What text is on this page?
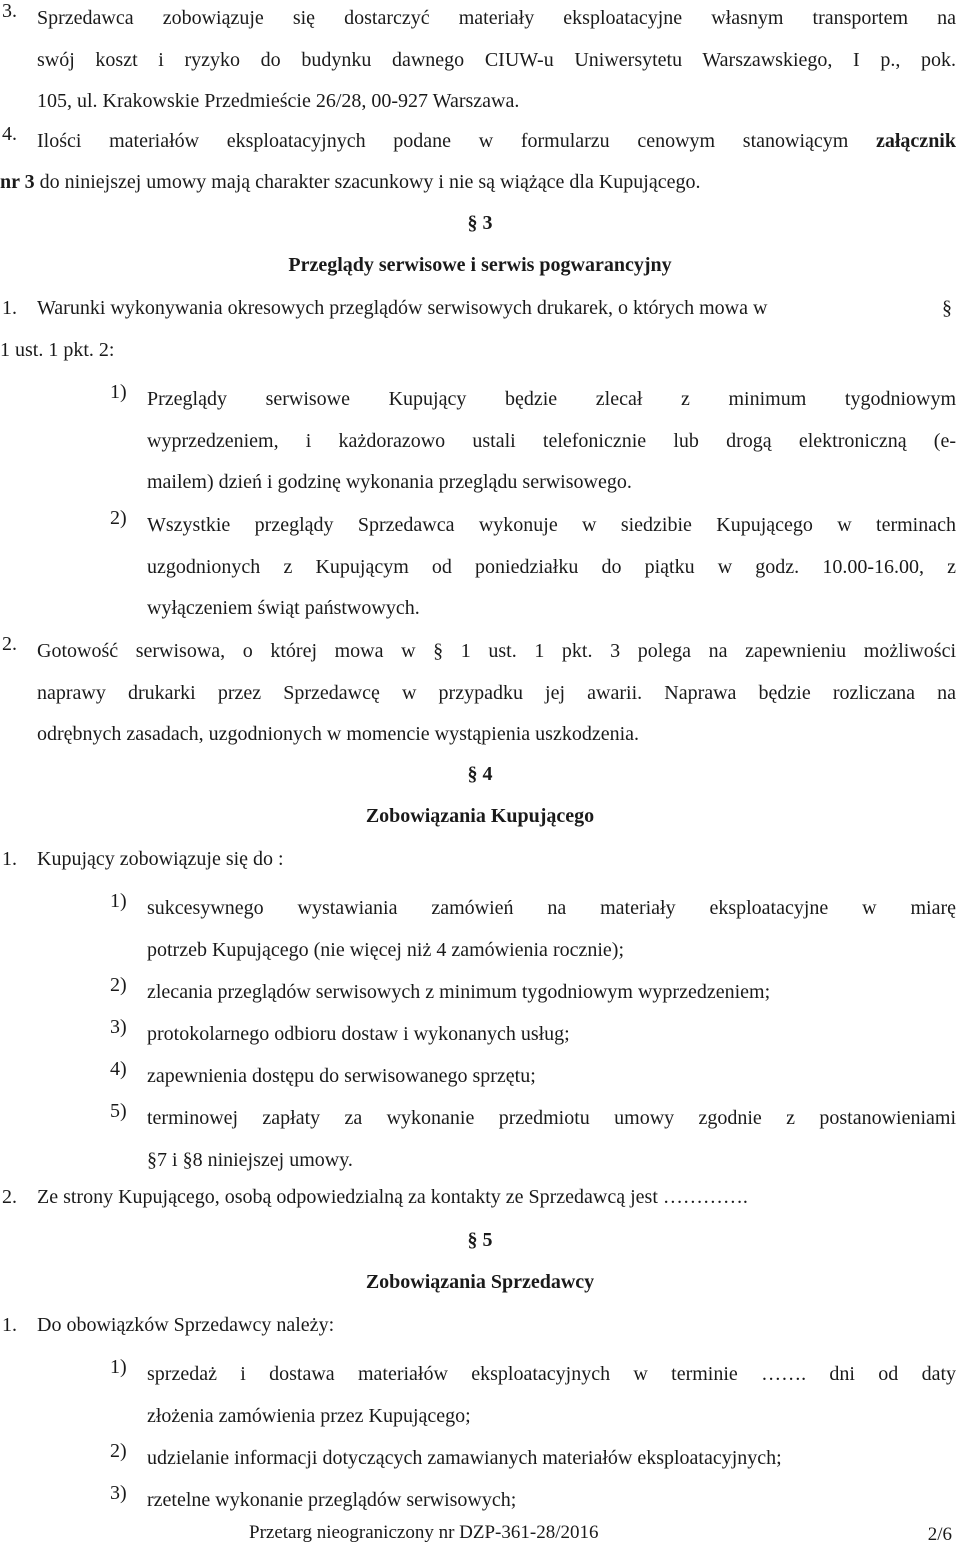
3. Sprzedawca zobowiązuje się dostarczyć materiały eksploatacyjne własnym transportem na
swój koszt i ryzyko do budynku dawnego CIUW-u Uniwersytetu Warszawskiego, I p., pok.
105, ul. Krakowskie Przedmieście 26/28, 00-927 Warszawa.
4. Ilości materiałów eksploatacyjnych podane w formularzu cenowym stanowiącym załącznik
nr 3 do niniejszej umowy mają charakter szacunkowy i nie są wiążące dla Kupującego.
§ 3
Przeglądy serwisowe i serwis pogwarancyjny
1. Warunki wykonywania okresowych przeglądów serwisowych drukarek, o których mowa w	§
1 ust. 1 pkt. 2:
1) Przeglądy serwisowe Kupujący będzie zlecał z minimum tygodniowym
wyprzedzeniem, i każdorazowo ustali telefonicznie lub drogą elektroniczną (e-
mailem) dzień i godzinę wykonania przeglądu serwisowego.
2) Wszystkie przeglądy Sprzedawca wykonuje w siedzibie Kupującego w terminach
uzgodnionych z Kupującym od poniedziałku do piątku w godz. 10.00-16.00, z
wyłączeniem świąt państwowych.
2. Gotowość serwisowa, o której mowa w § 1 ust. 1 pkt. 3 polega na zapewnieniu możliwości
naprawy drukarki przez Sprzedawcę w przypadku jej awarii. Naprawa będzie rozliczana na
odrębnych zasadach, uzgodnionych w momencie wystąpienia uszkodzenia.
§ 4
Zobowiązania Kupującego
1. Kupujący zobowiązuje się do :
1) sukcesywnego wystawiania zamówień na materiały eksploatacyjne w miarę
potrzeb Kupującego (nie więcej niż 4 zamówienia rocznie);
2) zlecania przeglądów serwisowych z minimum tygodniowym wyprzedzeniem;
3) protokolarnego odbioru dostaw i wykonanych usług;
4) zapewnienia dostępu do serwisowanego sprzętu;
5) terminowej zapłaty za wykonanie przedmiotu umowy zgodnie z postanowieniami
§7 i §8 niniejszej umowy.
2. Ze strony Kupującego, osobą odpowiedzialną za kontakty ze Sprzedawcą jest ………….
§ 5
Zobowiązania Sprzedawcy
1. Do obowiązków Sprzedawcy należy:
1) sprzedaż i dostawa materiałów eksploatacyjnych w terminie ……. dni od daty
złożenia zamówienia przez Kupującego;
2) udzielanie informacji dotyczących zamawianych materiałów eksploatacyjnych;
3) rzetelne wykonanie przeglądów serwisowych;
Przetarg nieograniczony nr DZP-361-28/2016	2/6
